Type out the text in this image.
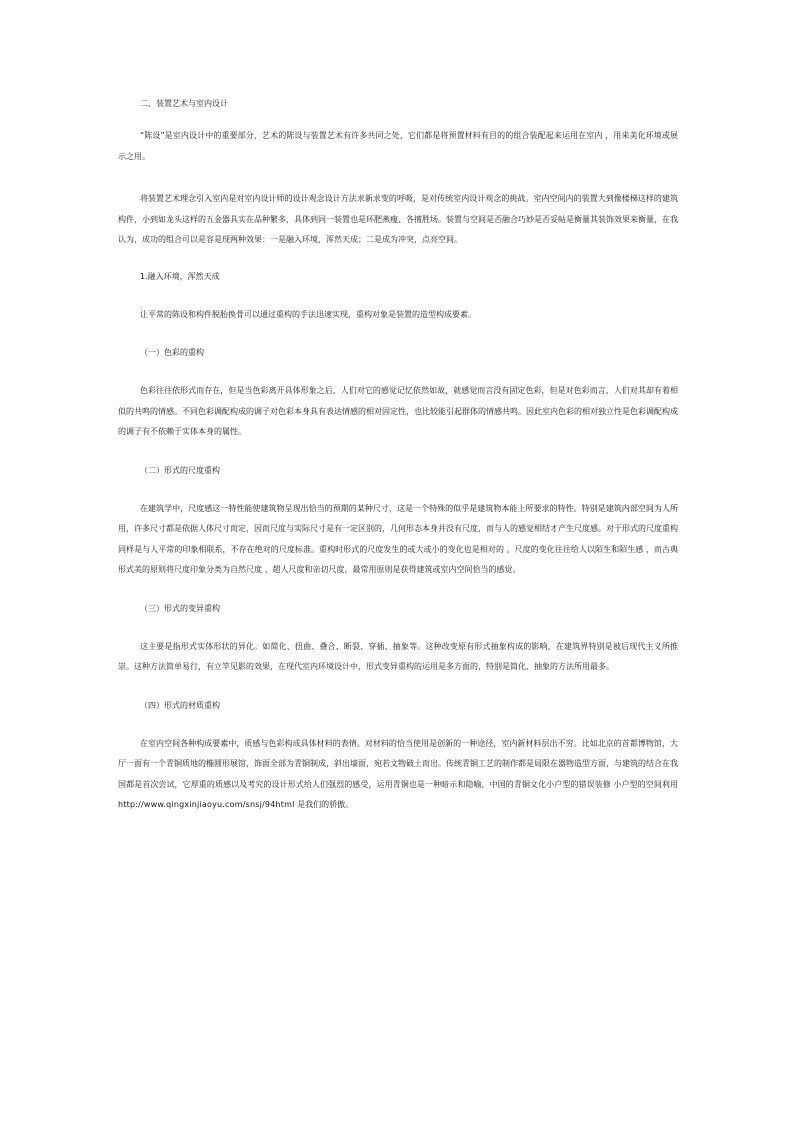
二、装置艺术与室内设计

“陈设”是室内设计中的重要部分，艺术的陈设与装置艺术有许多共同之处，它们都是将预置材料有目的的组合装配起来运用在室内 ，用来美化环境或展示之用。

将装置艺术理念引入室内是对室内设计师的设计观念设计方法求新求变的呼吸，是对传统室内设计观念的挑战。室内空间内的装置大到像楼梯这样的建筑构件，小到如龙头这样的五金器具实在品种繁多，具体到同一装置也是环肥燕瘦、各擅胜场。装置与空间是否融合巧妙是否妥帖是衡量其装饰效果来衡量，在我认为，成功的组合可以是容是现两种效果：一是融入环境，浑然天成；二是成为冲突，点亮空间。

1.融入环境，浑然天成

让平常的陈设和构件脱胎换骨可以通过重构的手法迅速实现，重构对象是装置的造型构成要素。

（一）色彩的重构

色彩往往依形式而存在，但是当色彩离开具体形象之后，人们对它的感觉记忆依然如故，就感觉而言没有固定色彩，但是对色彩而言，人们对其却有着相似的共鸣的情感。不同色彩调配构成的调子对色彩本身具有表达情感的相对固定性，也比较能引起群体的情感共鸣。因此室内色彩的相对独立性是色彩调配构成的调子有不依赖于实体本身的属性。

（二）形式的尺度重构

在建筑学中，尺度感这一特性能使建筑物呈现出恰当的预期的某种尺寸，这是一个特殊的似乎是建筑物本能上所要求的特性。特别是建筑内部空间为人所用，许多尺寸都是依据人体尺寸而定，因而尺度与实际尺寸是有一定区别的，几何形态本身并没有尺度，而与人的感觉相结才产生尺度感。对于形式的尺度重构同样是与人平常的印象相联系，不存在绝对的尺度标准。重构时形式的尺度发生的或大或小的变化也是相对的 。尺度的变化往往给人以陌生和陌生感 ，而古典形式美的原则将尺度印象分类为自然尺度 、超人尺度和亲切尺度，最常用原则是获得建筑或室内空间恰当的感觉。

（三）形式的变异重构

这主要是指形式实体形状的异化。如简化、扭曲、叠合、断裂、穿插、抽象等。这种改变原有形式抽象构成的影响，在建筑界特别是被后现代主义所推崇。这种方法简单易行，有立竿见影的效果，在现代室内环境设计中，形式变异重构的运用是多方面的，特别是简化、抽象的方法所用最多。

（四）形式的材质重构

在室内空间各种构成要素中，质感与色彩构成具体材料的表情。对材料的恰当使用是创新的一种途径，室内新材料层出不穷。比如北京的首都博物馆，大厅一面有一个青铜质地的椭圆形展馆，饰面全部为青铜制成，斜出墙面，宛若文物破土而出。传统青铜工艺的制作都是局限在器物造型方面，与建筑的结合在我国都是首次尝试，它厚重的质感以及考究的设计形式给人们强烈的感受，运用青铜也是一种暗示和隐喻，中国的青铜文化小户型的错误装修 小户型的空间利用 http://www.qingxinjiaoyu.com/snsj/94html 是我们的骄傲。
